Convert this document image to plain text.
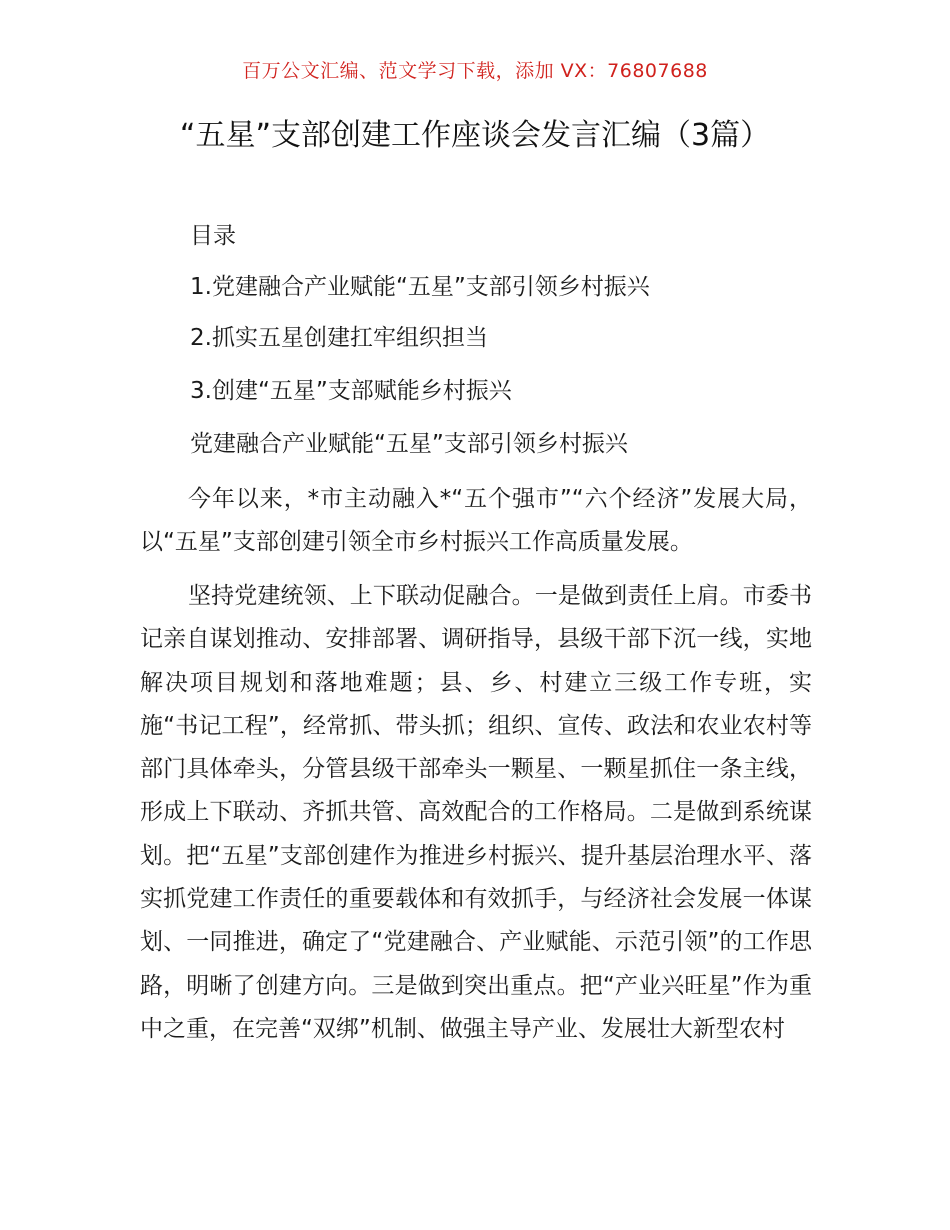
百万公文汇编、范文学习下载，添加 VX：76807688
“五星”支部创建工作座谈会发言汇编（3篇）
目录
1.党建融合产业赋能“五星”支部引领乡村振兴
2.抓实五星创建扛牢组织担当
3.创建“五星”支部赋能乡村振兴
党建融合产业赋能“五星”支部引领乡村振兴
今年以来，*市主动融入*“五个强市”“六个经济”发展大局，以“五星”支部创建引领全市乡村振兴工作高质量发展。
坚持党建统领、上下联动促融合。一是做到责任上肩。市委书记亲自谋划推动、安排部署、调研指导，县级干部下沉一线，实地解决项目规划和落地难题；县、乡、村建立三级工作专班，实施“书记工程”，经常抓、带头抓；组织、宣传、政法和农业农村等部门具体牵头，分管县级干部牵头一颗星、一颗星抓住一条主线，形成上下联动、齐抓共管、高效配合的工作格局。二是做到系统谋划。把“五星”支部创建作为推进乡村振兴、提升基层治理水平、落实抓党建工作责任的重要载体和有效抓手，与经济社会发展一体谋划、一同推进，确定了“党建融合、产业赋能、示范引领”的工作思路，明晰了创建方向。三是做到突出重点。把“产业兴旺星”作为重中之重，在完善“双绑”机制、做强主导产业、发展壮大新型农村
